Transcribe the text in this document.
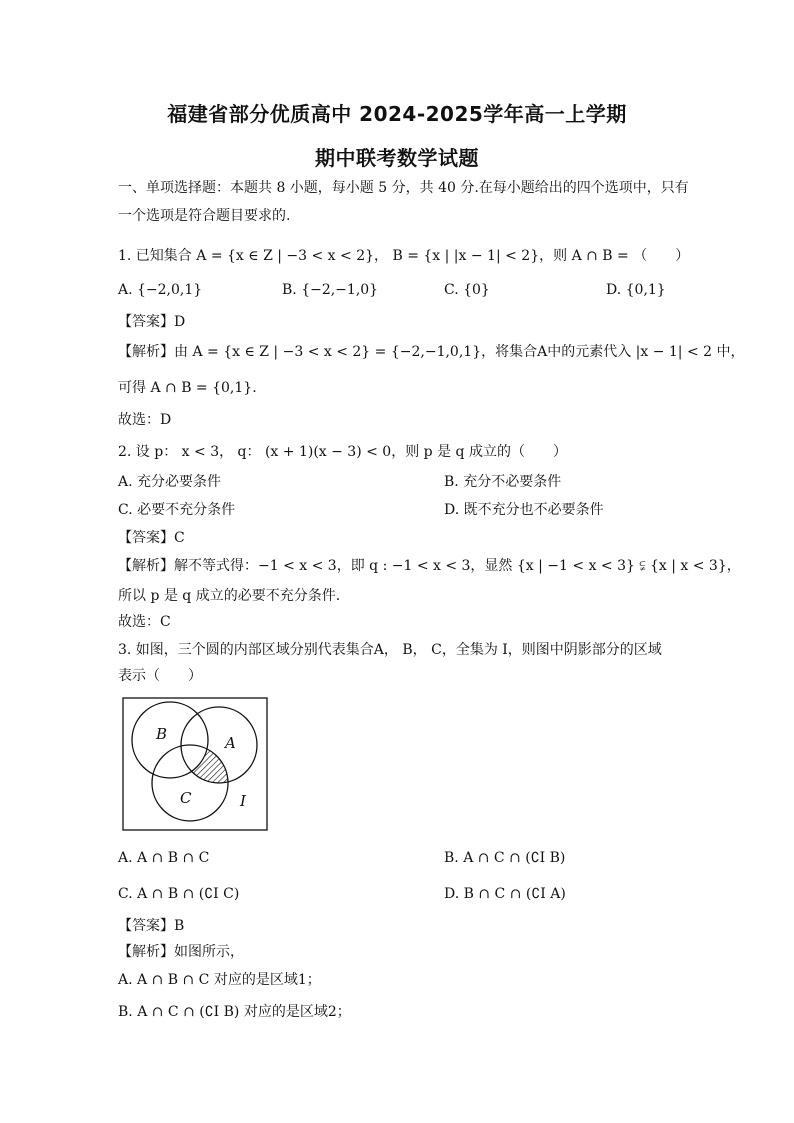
福建省部分优质高中 2024-2025学年高一上学期
期中联考数学试题
一、单项选择题：本题共 8 小题，每小题 5 分，共 40 分.在每小题给出的四个选项中，只有
一个选项是符合题目要求的.
1. 已知集合 A = {x ∈ Z | −3 < x < 2}， B = {x | |x − 1| < 2}，则 A ∩ B = （　　）
A. {−2,0,1}	B. {−2,−1,0}	C. {0}	D. {0,1}
【答案】D
【解析】由 A = {x ∈ Z | −3 < x < 2} = {−2,−1,0,1}，将集合A中的元素代入 |x − 1| < 2 中，
可得 A ∩ B = {0,1}.
故选：D
2. 设 p： x < 3， q： (x + 1)(x − 3) < 0，则 p 是 q 成立的（　　）
A. 充分必要条件	B. 充分不必要条件
C. 必要不充分条件	D. 既不充分也不必要条件
【答案】C
【解析】解不等式得：−1 < x < 3，即 q : −1 < x < 3，显然 {x | −1 < x < 3} ⫋ {x | x < 3}，
所以 p 是 q 成立的必要不充分条件.
故选：C
3. 如图，三个圆的内部区域分别代表集合A， B， C，全集为 I，则图中阴影部分的区域
表示（　　）
B	A
C	I
A. A ∩ B ∩ C	B. A ∩ C ∩ (∁I B)
C. A ∩ B ∩ (∁I C)	D. B ∩ C ∩ (∁I A)
【答案】B
【解析】如图所示，
A. A ∩ B ∩ C 对应的是区域1；
B. A ∩ C ∩ (∁I B) 对应的是区域2；
